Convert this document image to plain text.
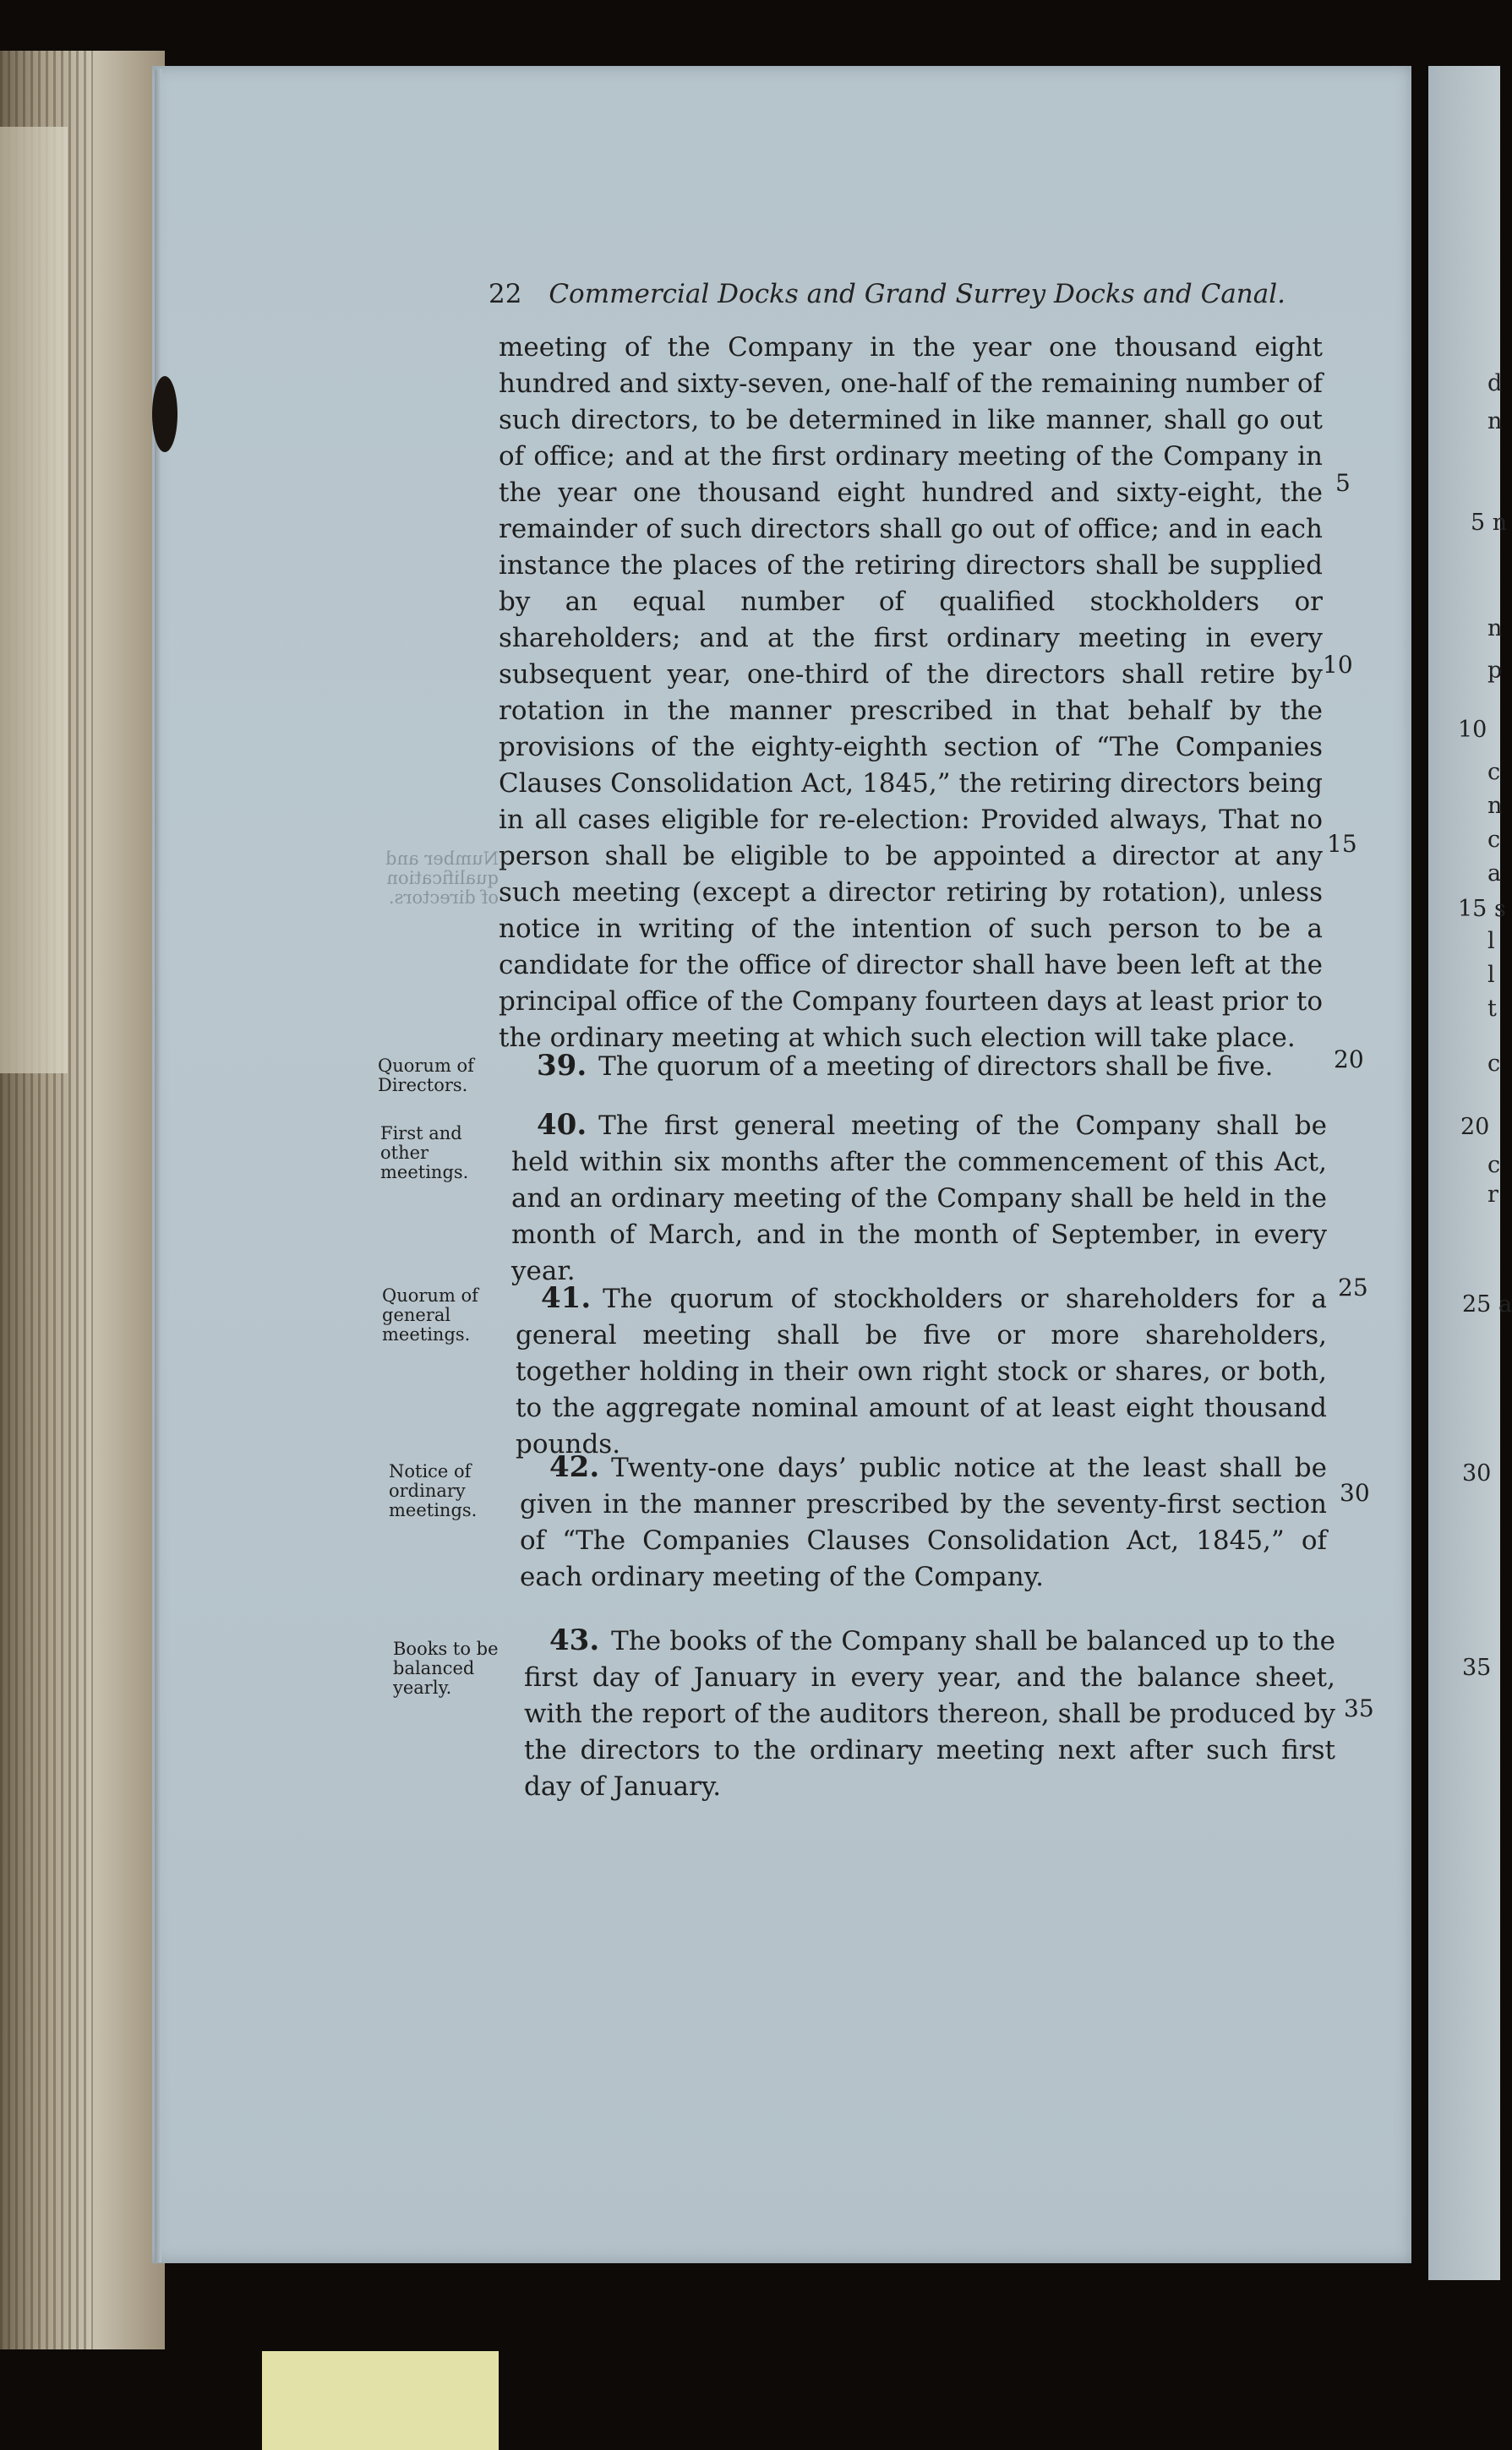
d
n
5 n
n
p
10
c
n
c
a
15 s
l
l
t
c
20
c
r
25 a
30
35
22 Commercial Docks and Grand Surrey Docks and Canal.

meeting of the Company in the year one thousand eight hundred and sixty-seven, one-half of the remaining number of such directors, to be determined in like manner, shall go out of office; and at the first ordinary meeting of the Company in the year one thousand eight hundred and sixty-eight, the remainder of such directors shall go out of office; and in each instance the places of the retiring directors shall be supplied by an equal number of qualified stockholders or shareholders; and at the first ordinary meeting in every subsequent year, one-third of the directors shall retire by rotation in the manner prescribed in that behalf by the provisions of the eighty-eighth section of “The Companies Clauses Consolidation Act, 1845,” the retiring directors being in all cases eligible for re-election: Provided always, That no person shall be eligible to be appointed a director at any such meeting (except a director retiring by rotation), unless notice in writing of the intention of such person to be a candidate for the office of director shall have been left at the principal office of the Company fourteen days at least prior to the ordinary meeting at which such election will take place.

Number and qualification of directors.
Quorum of Directors.
39. The quorum of a meeting of directors shall be five.
First and other meetings.
40. The first general meeting of the Company shall be held within six months after the commencement of this Act, and an ordinary meeting of the Company shall be held in the month of March, and in the month of September, in every year.
Quorum of general meetings.
41. The quorum of stockholders or shareholders for a general meeting shall be five or more shareholders, together holding in their own right stock or shares, or both, to the aggregate nominal amount of at least eight thousand pounds.
Notice of ordinary meetings.
42. Twenty-one days’ public notice at the least shall be given in the manner prescribed by the seventy-first section of “The Companies Clauses Consolidation Act, 1845,” of each ordinary meeting of the Company.
Books to be balanced yearly.
43. The books of the Company shall be balanced up to the first day of January in every year, and the balance sheet, with the report of the auditors thereon, shall be produced by the directors to the ordinary meeting next after such first day of January.
5
10
15
20
25
30
35
